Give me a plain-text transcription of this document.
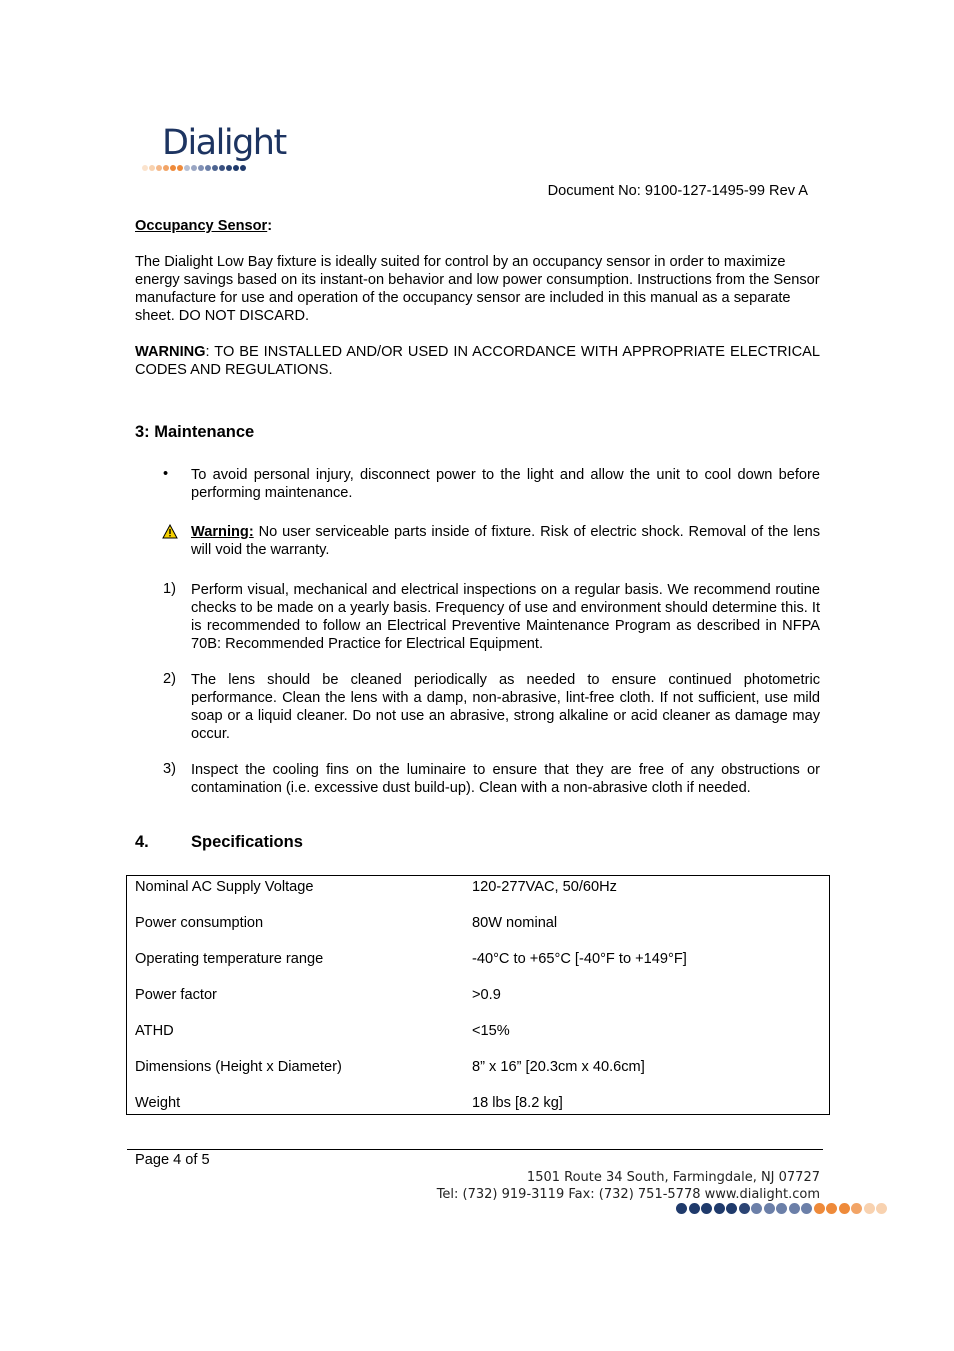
Dialight
Document No: 9100-127-1495-99 Rev A
Occupancy Sensor:

The Dialight Low Bay fixture is ideally suited for control by an occupancy sensor in order to maximize energy savings based on its instant-on behavior and low power consumption. Instructions from the Sensor manufacture for use and operation of the occupancy sensor are included in this manual as a separate sheet. DO NOT DISCARD.

WARNING: TO BE INSTALLED AND/OR USED IN ACCORDANCE WITH APPROPRIATE ELECTRICAL CODES AND REGULATIONS.

3: Maintenance
• To avoid personal injury, disconnect power to the light and allow the unit to cool down before performing maintenance.

Warning: No user serviceable parts inside of fixture. Risk of electric shock. Removal of the lens will void the warranty.

1) Perform visual, mechanical and electrical inspections on a regular basis. We recommend routine checks to be made on a yearly basis. Frequency of use and environment should determine this. It is recommended to follow an Electrical Preventive Maintenance Program as described in NFPA 70B: Recommended Practice for Electrical Equipment.

2) The lens should be cleaned periodically as needed to ensure continued photometric performance. Clean the lens with a damp, non-abrasive, lint-free cloth. If not sufficient, use mild soap or a liquid cleaner. Do not use an abrasive, strong alkaline or acid cleaner as damage may occur.

3) Inspect the cooling fins on the luminaire to ensure that they are free of any obstructions or contamination (i.e. excessive dust build-up). Clean with a non-abrasive cloth if needed.

4.	Specifications
Nominal AC Supply Voltage	120-277VAC, 50/60Hz
Power consumption	80W nominal
Operating temperature range	-40°C to +65°C [-40°F to +149°F]
Power factor	>0.9
ATHD	<15%
Dimensions (Height x Diameter)	8” x 16” [20.3cm x 40.6cm]
Weight	18 lbs [8.2 kg]
Page 4 of 5
1501 Route 34 South, Farmingdale, NJ 07727
Tel: (732) 919-3119 Fax: (732) 751-5778 www.dialight.com
